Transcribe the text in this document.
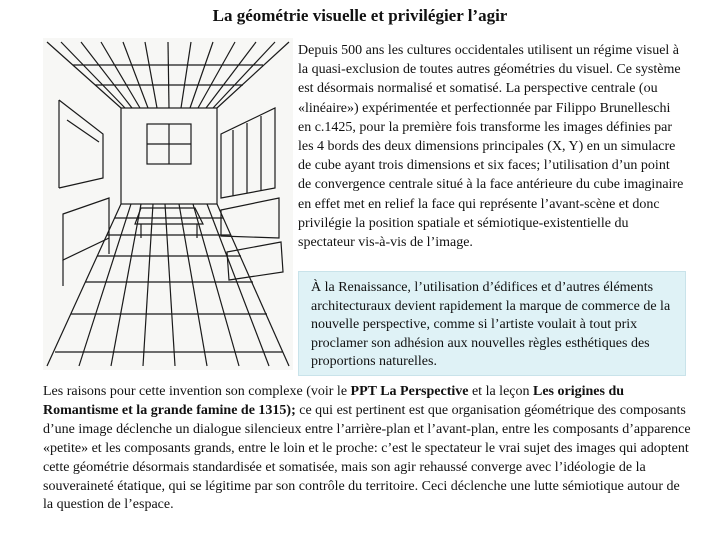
La géométrie visuelle et privilégier l’agir

Depuis 500 ans les cultures occidentales utilisent un régime visuel à la quasi-exclusion de toutes autres géométries du visuel. Ce système est désormais normalisé et somatisé. La perspective centrale (ou «linéaire») expérimentée et perfectionnée par Filippo Brunelleschi en c.1425, pour la première fois transforme les images définies par les 4 bords des deux dimensions principales (X, Y) en un simulacre de cube ayant trois dimensions et six faces; l’utilisation d’un point de convergence centrale situé à la face antérieure du cube imaginaire en effet met en relief la face qui représente l’avant-scène et donc privilégie la position spatiale et sémiotique-existentielle du spectateur vis-à-vis de l’image.

À la Renaissance, l’utilisation d’édifices et d’autres éléments architecturaux devient rapidement la marque de commerce de la nouvelle perspective, comme si l’artiste voulait à tout prix proclamer son adhésion aux nouvelles règles esthétiques des proportions naturelles.

Les raisons pour cette invention son complexe (voir le PPT La Perspective et la leçon Les origines du Romantisme et la grande famine de 1315); ce qui est pertinent est que organisation géométrique des composants d’une image déclenche un dialogue silencieux entre l’arrière-plan et l’avant-plan, entre les composants d’apparence «petite» et les composants grands, entre le loin et le proche: c’est le spectateur le vrai sujet des images qui adoptent cette géométrie désormais standardisée et somatisée, mais son agir rehaussé converge avec l’idéologie de la souveraineté étatique, qui se légitime par son contrôle du territoire. Ceci déclenche une lutte sémiotique autour de la question de l’espace.
